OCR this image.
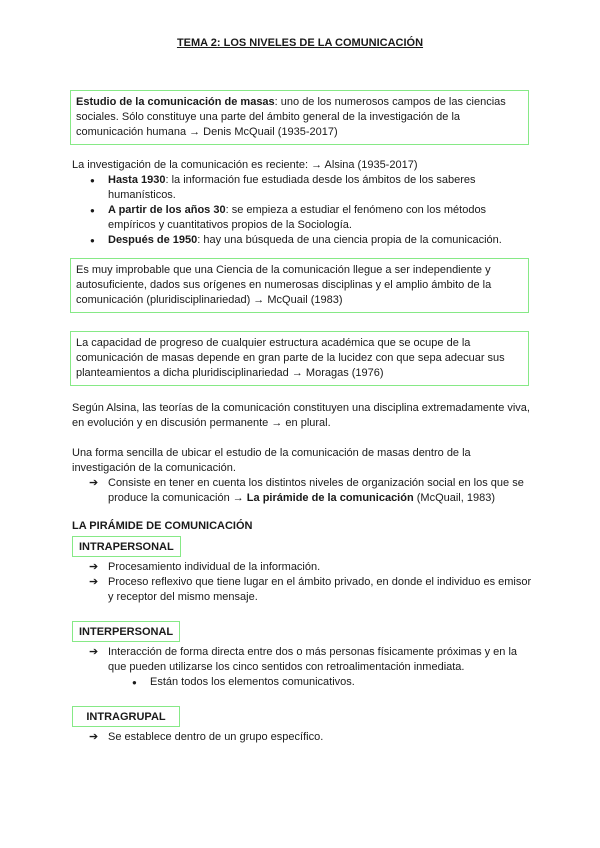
TEMA 2: LOS NIVELES DE LA COMUNICACIÓN

Estudio de la comunicación de masas: uno de los numerosos campos de las ciencias sociales. Sólo constituye una parte del ámbito general de la investigación de la comunicación humana → Denis McQuail (1935-2017)

La investigación de la comunicación es reciente: → Alsina (1935-2017)

● Hasta 1930: la información fue estudiada desde los ámbitos de los saberes humanísticos.
● A partir de los años 30: se empieza a estudiar el fenómeno con los métodos empíricos y cuantitativos propios de la Sociología.
● Después de 1950: hay una búsqueda de una ciencia propia de la comunicación.

Es muy improbable que una Ciencia de la comunicación llegue a ser independiente y autosuficiente, dados sus orígenes en numerosas disciplinas y el amplio ámbito de la comunicación (pluridisciplinariedad) → McQuail (1983)

La capacidad de progreso de cualquier estructura académica que se ocupe de la comunicación de masas depende en gran parte de la lucidez con que sepa adecuar sus planteamientos a dicha pluridisciplinariedad → Moragas (1976)

Según Alsina, las teorías de la comunicación constituyen una disciplina extremadamente viva, en evolución y en discusión permanente → en plural.

Una forma sencilla de ubicar el estudio de la comunicación de masas dentro de la investigación de la comunicación.

➔ Consiste en tener en cuenta los distintos niveles de organización social en los que se produce la comunicación → La pirámide de la comunicación (McQuail, 1983)
LA PIRÁMIDE DE COMUNICACIÓN
INTRAPERSONAL
➔ Procesamiento individual de la información.
➔ Proceso reflexivo que tiene lugar en el ámbito privado, en donde el individuo es emisor y receptor del mismo mensaje.
INTERPERSONAL
➔ Interacción de forma directa entre dos o más personas físicamente próximas y en la que pueden utilizarse los cinco sentidos con retroalimentación inmediata.
● Están todos los elementos comunicativos.
INTRAGRUPAL
➔ Se establece dentro de un grupo específico.
